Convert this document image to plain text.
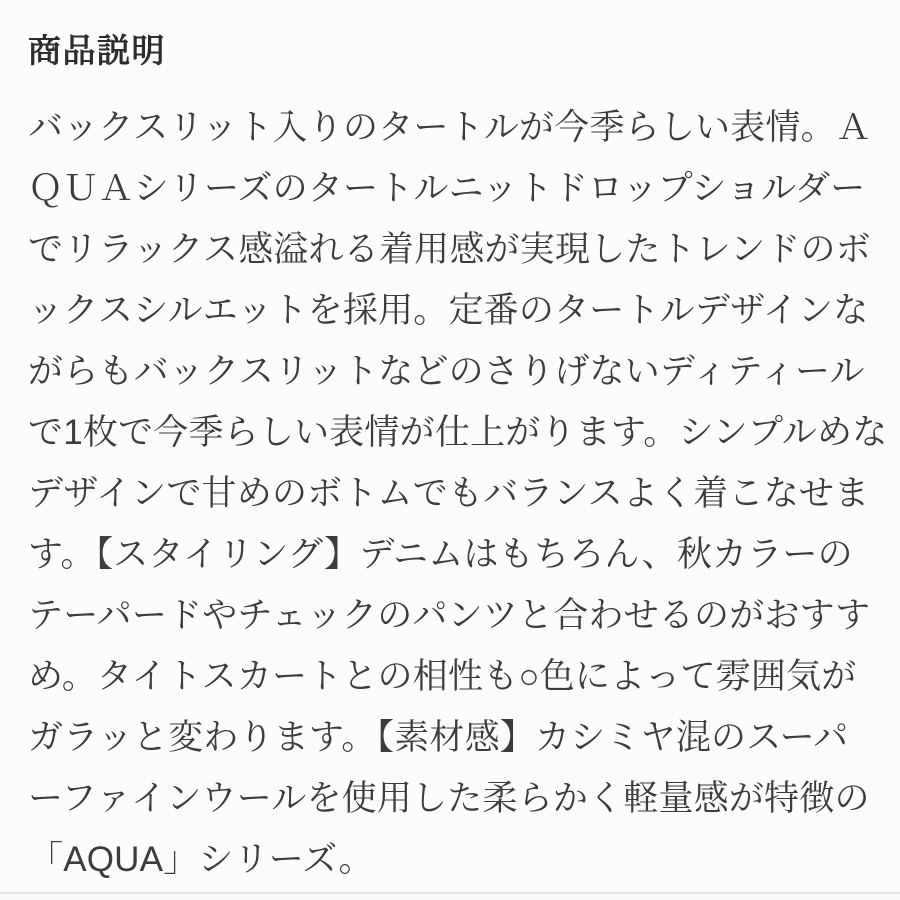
商品説明
バックスリット入りのタートルが今季らしい表情。Ａ
ＱＵＡシリーズのタートルニットドロップショルダー
でリラックス感溢れる着用感が実現したトレンドのボ
ックスシルエットを採用。定番のタートルデザインな
がらもバックスリットなどのさりげないディティール
で1枚で今季らしい表情が仕上がります。シンプルめな
デザインで甘めのボトムでもバランスよく着こなせま
す。【スタイリング】デニムはもちろん、秋カラーの
テーパードやチェックのパンツと合わせるのがおすす
め。タイトスカートとの相性も○色によって雰囲気が
ガラッと変わります。【素材感】カシミヤ混のスーパ
ーファインウールを使用した柔らかく軽量感が特徴の
「AQUA」シリーズ。
